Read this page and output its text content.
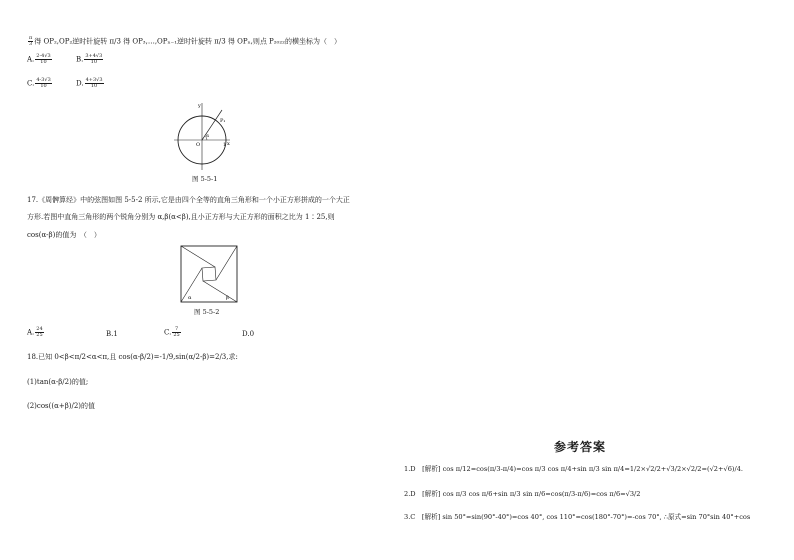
$\frac{\pi}{3}$ 得 OP₂,OP₂逆时针旋转 π/3 得 OP₃,…,OPₙ₋₁逆时针旋转 π/3 得 OPₙ,则点 P₂₀₂₂的横坐标为（　）
A. $\frac{2-4√3}{10}$	B. $\frac{3+4√3}{10}$
C. $\frac{4-3√3}{10}$	D. $\frac{4+3√3}{10}$
y
x
P₁
α
O	1
图 5-5-1
17.《周髀算经》中的弦图如图 5-5-2 所示,它是由四个全等的直角三角形和一个小正方形拼成的一个大正
方形.若图中直角三角形的两个锐角分别为 α,β(α<β),且小正方形与大正方形的面积之比为 1∶25,则
cos(α-β)的值为　（　）
α	β
图 5-5-2
A. $\frac{24}{25}$	B.1	C. $\frac{7}{25}$	D.0
18.已知 0<β<π/2<α<π,且 cos(α-β/2)=-1/9,sin(α/2-β)=2/3,求:
(1)tan(α-β/2)的值;
(2)cos((α+β)/2)的值
参考答案
1.D　[解析] cos π/12=cos(π/3-π/4)=cos π/3 cos π/4+sin π/3 sin π/4=1/2×√2/2+√3/2×√2/2=(√2+√6)/4.
2.D　[解析] cos π/3 cos π/6+sin π/3 sin π/6=cos(π/3-π/6)=cos π/6=√3/2
3.C　[解析] sin 50°=sin(90°-40°)=cos 40°, cos 110°=cos(180°-70°)=-cos 70°, ∴原式=sin 70°sin 40°+cos
